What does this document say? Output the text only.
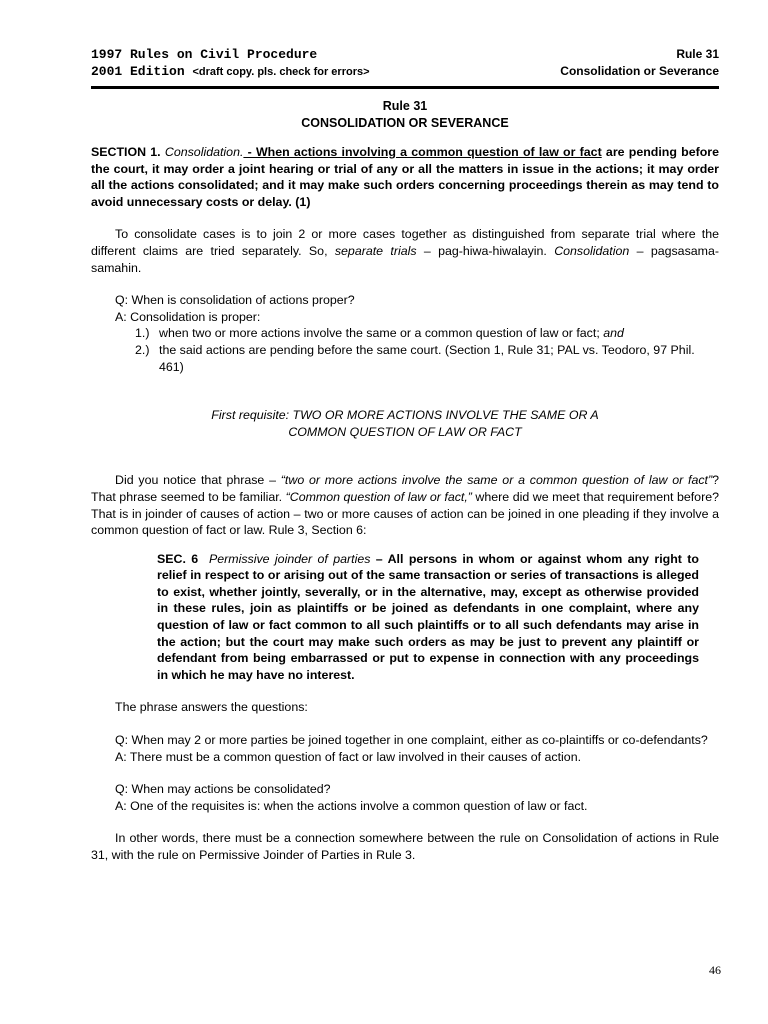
1997 Rules on Civil Procedure
2001 Edition <draft copy. pls. check for errors>
Rule 31
Consolidation or Severance
Rule 31
CONSOLIDATION OR SEVERANCE

SECTION 1. Consolidation. - When actions involving a common question of law or fact are pending before the court, it may order a joint hearing or trial of any or all the matters in issue in the actions; it may order all the actions consolidated; and it may make such orders concerning proceedings therein as may tend to avoid unnecessary costs or delay. (1)

To consolidate cases is to join 2 or more cases together as distinguished from separate trial where the different claims are tried separately. So, separate trials – pag-hiwa-hiwalayin. Consolidation – pagsasama-samahin.

Q: When is consolidation of actions proper?
A: Consolidation is proper:
1.) when two or more actions involve the same or a common question of law or fact; and
2.) the said actions are pending before the same court. (Section 1, Rule 31; PAL vs. Teodoro, 97 Phil. 461)
First requisite: TWO OR MORE ACTIONS INVOLVE THE SAME OR A
COMMON QUESTION OF LAW OR FACT

Did you notice that phrase – “two or more actions involve the same or a common question of law or fact”? That phrase seemed to be familiar. “Common question of law or fact,” where did we meet that requirement before? That is in joinder of causes of action – two or more causes of action can be joined in one pleading if they involve a common question of fact or law. Rule 3, Section 6:

SEC. 6 Permissive joinder of parties – All persons in whom or against whom any right to relief in respect to or arising out of the same transaction or series of transactions is alleged to exist, whether jointly, severally, or in the alternative, may, except as otherwise provided in these rules, join as plaintiffs or be joined as defendants in one complaint, where any question of law or fact common to all such plaintiffs or to all such defendants may arise in the action; but the court may make such orders as may be just to prevent any plaintiff or defendant from being embarrassed or put to expense in connection with any proceedings in which he may have no interest.

The phrase answers the questions:

Q: When may 2 or more parties be joined together in one complaint, either as co-plaintiffs or co-defendants?
A: There must be a common question of fact or law involved in their causes of action.
Q: When may actions be consolidated?
A: One of the requisites is: when the actions involve a common question of law or fact.

In other words, there must be a connection somewhere between the rule on Consolidation of actions in Rule 31, with the rule on Permissive Joinder of Parties in Rule 3.

46
